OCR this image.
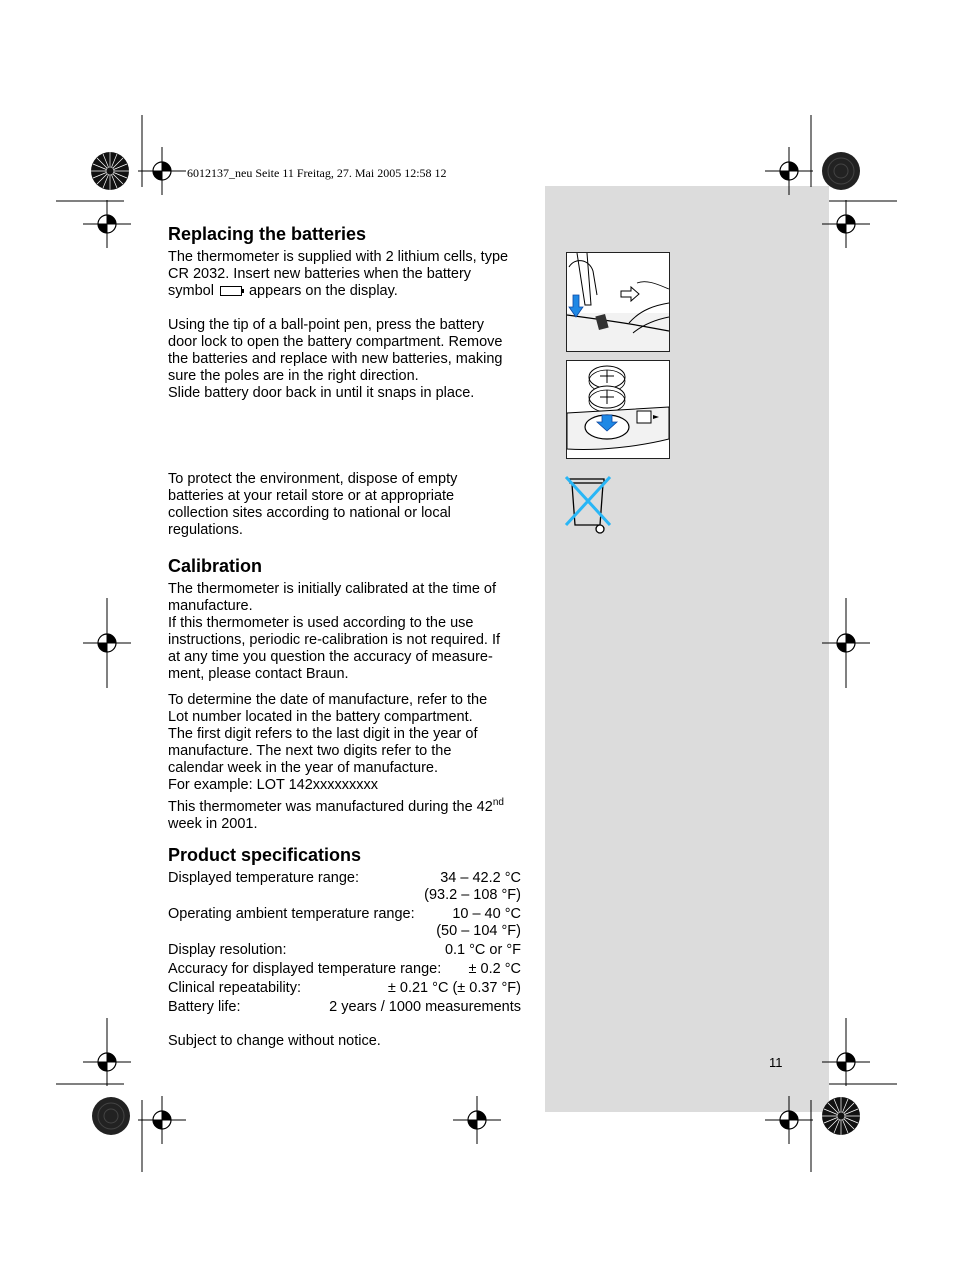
6012137_neu Seite 11 Freitag, 27. Mai 2005 12:58 12
Replacing the batteries
The thermometer is supplied with 2 lithium cells, type
CR 2032. Insert new batteries when the battery
symbol appears on the display.
Using the tip of a ball-point pen, press the battery
door lock to open the battery compartment. Remove
the batteries and replace with new batteries, making
sure the poles are in the right direction.
Slide battery door back in until it snaps in place.
To protect the environment, dispose of empty
batteries at your retail store or at appropriate
collection sites according to national or local
regulations.
Calibration
The thermometer is initially calibrated at the time of
manufacture.
If this thermometer is used according to the use
instructions, periodic re-calibration is not required. If
at any time you question the accuracy of measure-
ment, please contact Braun.
To determine the date of manufacture, refer to the
Lot number located in the battery compartment.
The first digit refers to the last digit in the year of
manufacture. The next two digits refer to the
calendar week in the year of manufacture.
For example: LOT 142xxxxxxxxx
This thermometer was manufactured during the 42nd
week in 2001.
Product specifications
Displayed temperature range:	34 – 42.2 °C
(93.2 – 108 °F)
Operating ambient temperature range:	10 – 40 °C
(50 – 104 °F)
Display resolution:	0.1 °C or °F
Accuracy for displayed temperature range: ± 0.2 °C
Clinical repeatability:	± 0.21 °C (± 0.37 °F)
Battery life:	2 years / 1000 measurements
Subject to change without notice.
11
